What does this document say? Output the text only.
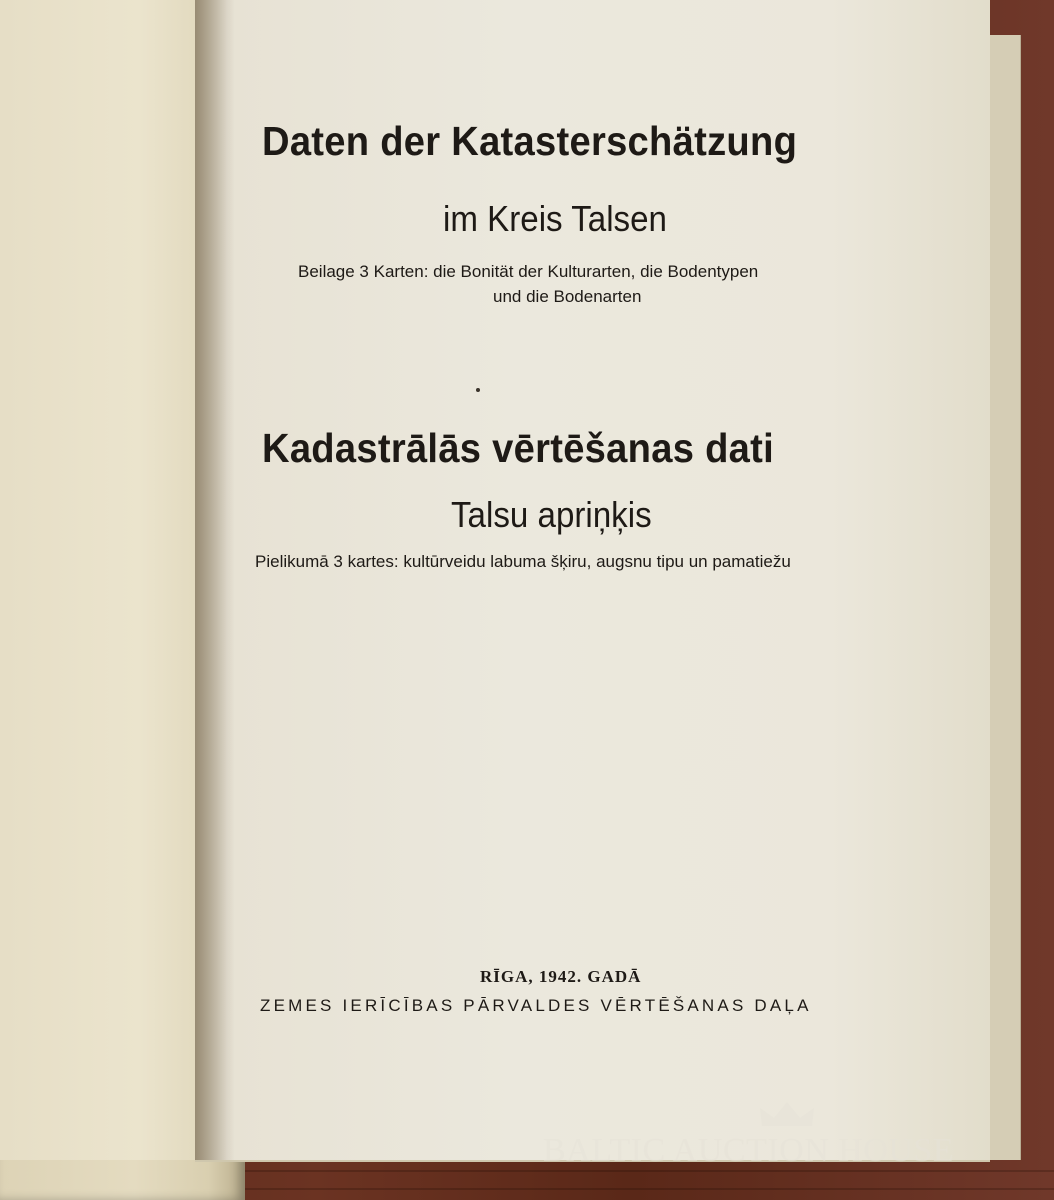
Daten der Katasterschätzung
im Kreis Talsen
Beilage 3 Karten: die Bonität der Kulturarten, die Bodentypen
und die Bodenarten
Kadastrālās vērtēšanas dati
Talsu apriņķis
Pielikumā 3 kartes: kultūrveidu labuma šķiru, augsnu tipu un pamatiežu
RĪGA, 1942. GADĀ
ZEMES IERĪCĪBAS PĀRVALDES VĒRTĒŠANAS DAĻA
BALTIC AUCTION HOUSE
